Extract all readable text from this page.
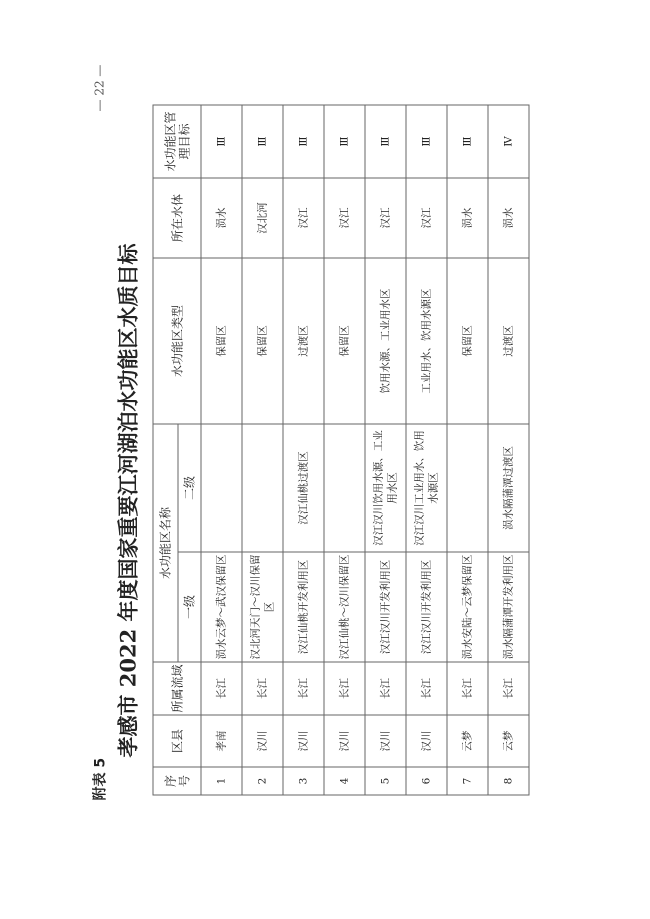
附表 5
孝感市 2022 年度国家重要江河湖泊水功能区水质目标
— 22 —
序号	区县	所属流域	水功能区名称		水功能区类型	所在水体	水功能区管理目标
			一级	二级			
1	孝南	长江	涢水云梦～武汉保留区		保留区	涢水	Ⅲ
2	汉川	长江	汉北河天门～汉川保留区		保留区	汉北河	Ⅲ
3	汉川	长江	汉江仙桃开发利用区	汉江仙桃过渡区	过渡区	汉江	Ⅲ
4	汉川	长江	汉江仙桃～汉川保留区		保留区	汉江	Ⅲ
5	汉川	长江	汉江汉川开发利用区	汉江汉川饮用水源、工业用水区	饮用水源、工业用水区	汉江	Ⅲ
6	汉川	长江	汉江汉川开发利用区	汉江汉川工业用水、饮用水源区	工业用水、饮用水源区	汉江	Ⅲ
7	云梦	长江	涢水安陆～云梦保留区		保留区	涢水	Ⅲ
8	云梦	长江	涢水隔蒲潭开发利用区	涢水隔蒲潭过渡区	过渡区	涢水	Ⅳ
